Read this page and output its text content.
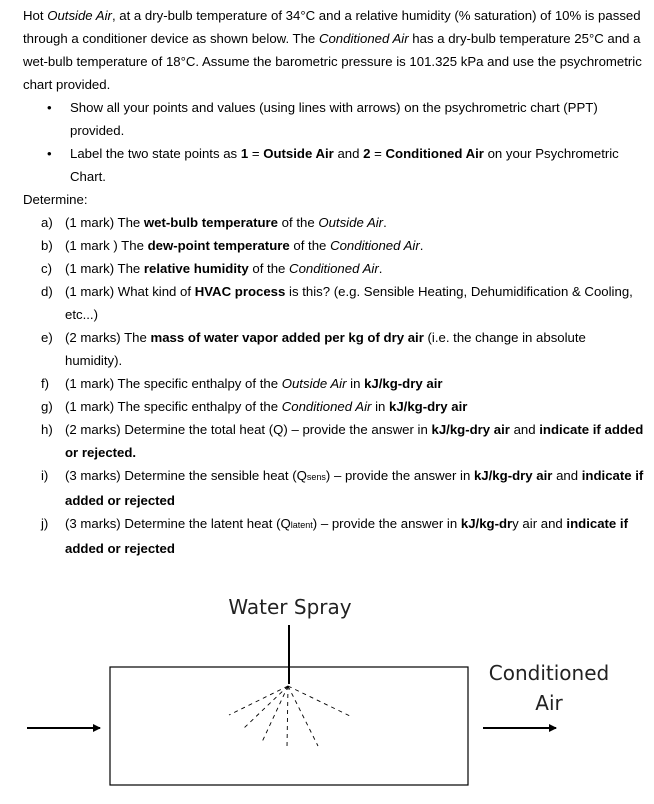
Hot Outside Air, at a dry-bulb temperature of 34°C and a relative humidity (% saturation) of 10% is passed through a conditioner device as shown below. The Conditioned Air has a dry-bulb temperature 25°C and a wet-bulb temperature of 18°C. Assume the barometric pressure is 101.325 kPa and use the psychrometric chart provided.

• Show all your points and values (using lines with arrows) on the psychrometric chart (PPT) provided.
• Label the two state points as 1 = Outside Air and 2 = Conditioned Air on your Psychrometric Chart.

Determine:

a) (1 mark) The wet-bulb temperature of the Outside Air.
b) (1 mark ) The dew-point temperature of the Conditioned Air.
c) (1 mark) The relative humidity of the Conditioned Air.
d) (1 mark) What kind of HVAC process is this? (e.g. Sensible Heating, Dehumidification & Cooling, etc...)
e) (2 marks) The mass of water vapor added per kg of dry air (i.e. the change in absolute humidity).
f) (1 mark) The specific enthalpy of the Outside Air in kJ/kg-dry air
g) (1 mark) The specific enthalpy of the Conditioned Air in kJ/kg-dry air
h) (2 marks) Determine the total heat (Q) – provide the answer in kJ/kg-dry air and indicate if added or rejected.
i) (3 marks) Determine the sensible heat (Qsens) – provide the answer in kJ/kg-dry air and indicate if added or rejected
j) (3 marks) Determine the latent heat (Qlatent) – provide the answer in kJ/kg-dry air and indicate if added or rejected
Water Spray
Conditioned
Air
